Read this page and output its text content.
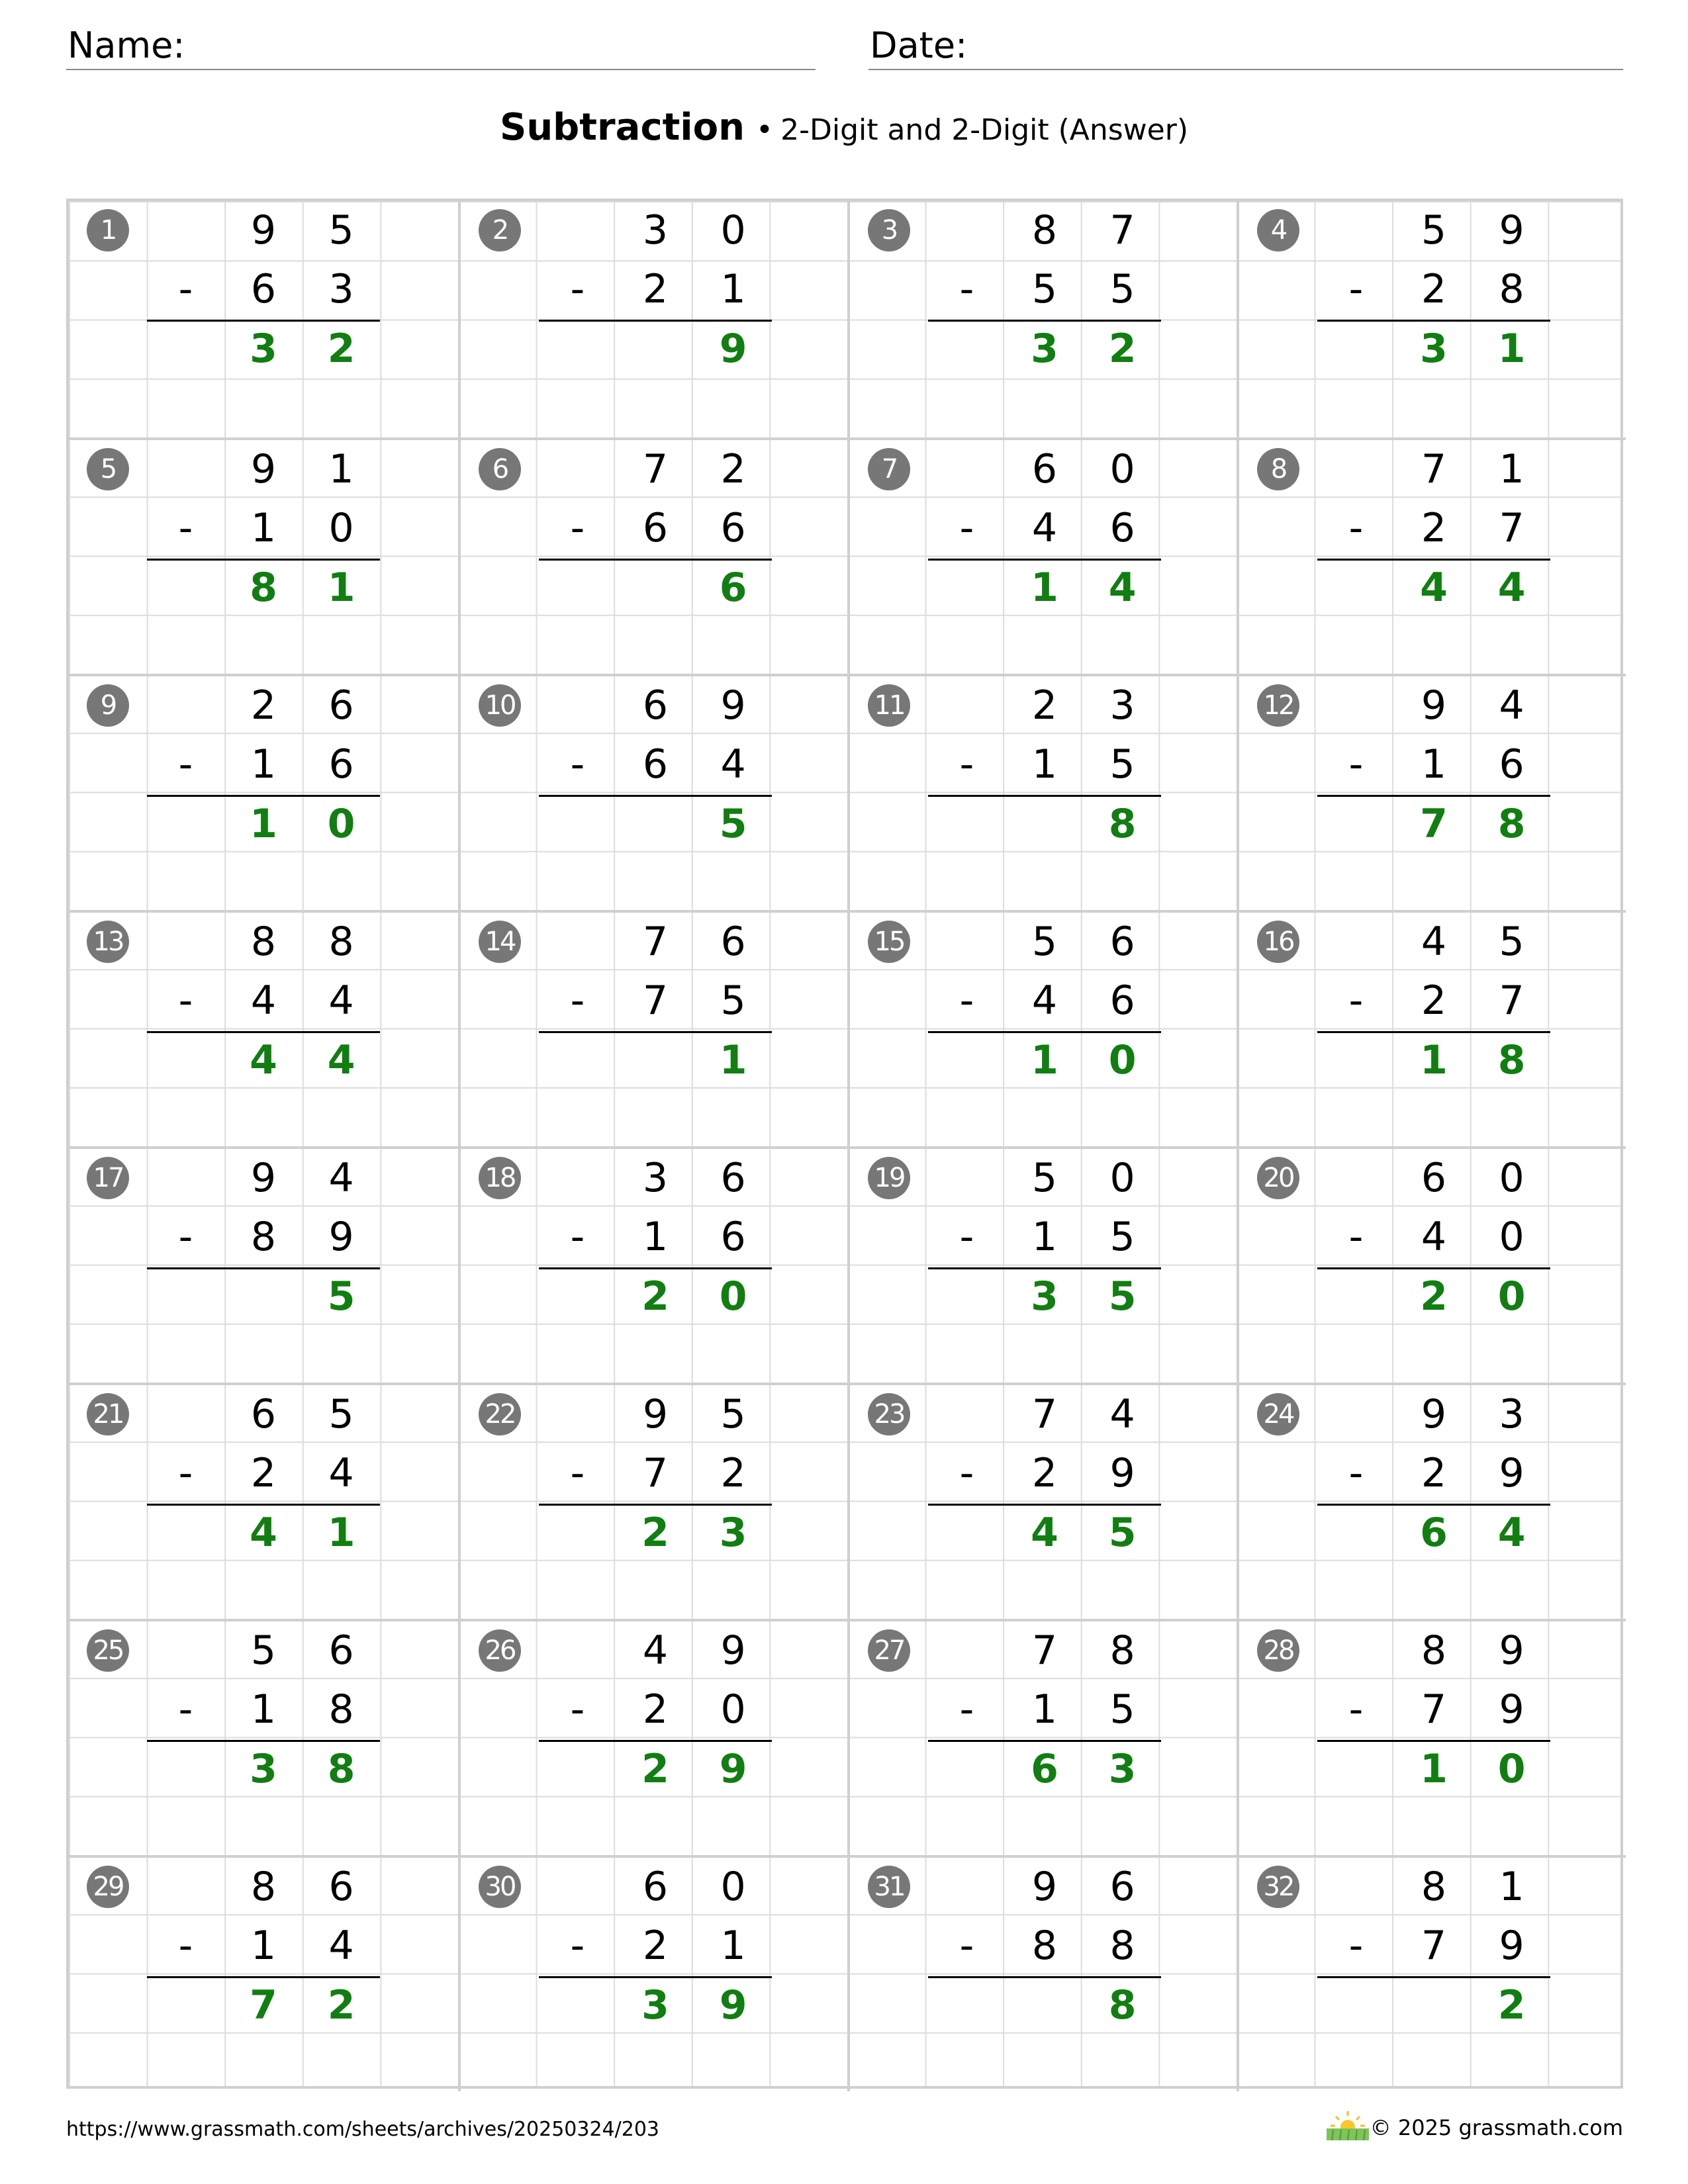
Name:	Date:
Subtraction • 2-Digit and 2-Digit (Answer)
1	9	5
6	3
-
3	2
2	3	0
2	1
-
9
3	8	7
5	5
-
3	2
4	5	9
2	8
-
3	1
5	9	1
1	0
-
8	1
6	7	2
6	6
-
6
7	6	0
4	6
-
1	4
8	7	1
2	7
-
4	4
9	2	6
1	6
-
1	0
10	6	9
6	4
-
5
11	2	3
1	5
-
8
12	9	4
1	6
-
7	8
13	8	8
4	4
-
4	4
14	7	6
7	5
-
1
15	5	6
4	6
-
1	0
16	4	5
2	7
-
1	8
17	9	4
8	9
-
5
18	3	6
1	6
-
2	0
19	5	0
1	5
-
3	5
20	6	0
4	0
-
2	0
21	6	5
2	4
-
4	1
22	9	5
7	2
-
2	3
23	7	4
2	9
-
4	5
24	9	3
2	9
-
6	4
25	5	6
1	8
-
3	8
26	4	9
2	0
-
2	9
27	7	8
1	5
-
6	3
28	8	9
7	9
-
1	0
29	8	6
1	4
-
7	2
30	6	0
2	1
-
3	9
31	9	6
8	8
-
8
32	8	1
7	9
-
2
https://www.grassmath.com/sheets/archives/20250324/203	© 2025 grassmath.com
